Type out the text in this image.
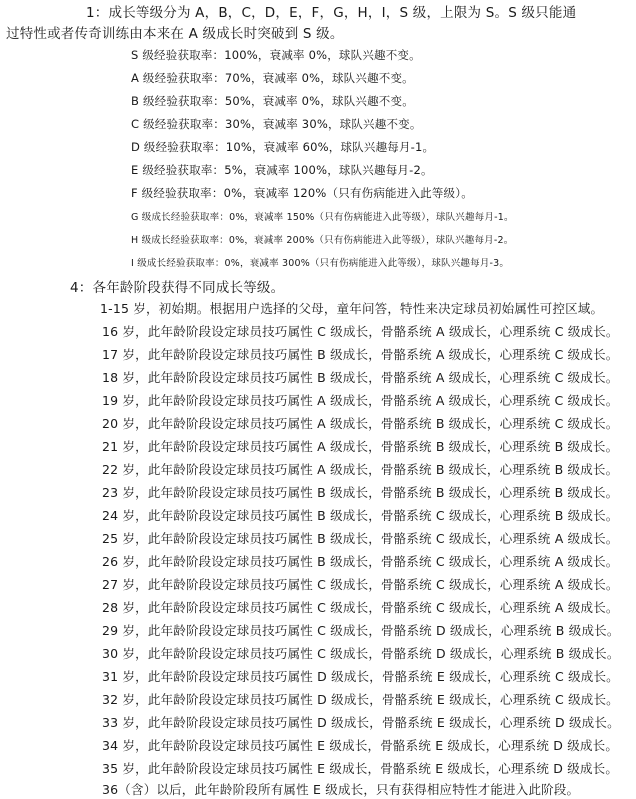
1：成长等级分为 A，B，C，D，E，F，G，H，I，S 级，上限为 S。S 级只能通
过特性或者传奇训练由本来在 A 级成长时突破到 S 级。
S 级经验获取率：100%，衰减率 0%，球队兴趣不变。
A 级经验获取率：70%，衰减率 0%，球队兴趣不变。
B 级经验获取率：50%，衰减率 0%，球队兴趣不变。
C 级经验获取率：30%，衰减率 30%，球队兴趣不变。
D 级经验获取率：10%，衰减率 60%，球队兴趣每月-1。
E 级经验获取率：5%，衰减率 100%，球队兴趣每月-2。
F 级经验获取率：0%，衰减率 120%（只有伤病能进入此等级）。
G 级成长经验获取率：0%，衰减率 150%（只有伤病能进入此等级），球队兴趣每月-1。
H 级成长经验获取率：0%，衰减率 200%（只有伤病能进入此等级），球队兴趣每月-2。
I 级成长经验获取率：0%，衰减率 300%（只有伤病能进入此等级），球队兴趣每月-3。
4：各年龄阶段获得不同成长等级。
1-15 岁，初始期。根据用户选择的父母，童年问答，特性来决定球员初始属性可控区域。
16 岁，此年龄阶段设定球员技巧属性 C 级成长，骨骼系统 A 级成长，心理系统 C 级成长。
17 岁，此年龄阶段设定球员技巧属性 B 级成长，骨骼系统 A 级成长，心理系统 C 级成长。
18 岁，此年龄阶段设定球员技巧属性 B 级成长，骨骼系统 A 级成长，心理系统 C 级成长。
19 岁，此年龄阶段设定球员技巧属性 A 级成长，骨骼系统 A 级成长，心理系统 C 级成长。
20 岁，此年龄阶段设定球员技巧属性 A 级成长，骨骼系统 B 级成长，心理系统 C 级成长。
21 岁，此年龄阶段设定球员技巧属性 A 级成长，骨骼系统 B 级成长，心理系统 B 级成长。
22 岁，此年龄阶段设定球员技巧属性 A 级成长，骨骼系统 B 级成长，心理系统 B 级成长。
23 岁，此年龄阶段设定球员技巧属性 B 级成长，骨骼系统 B 级成长，心理系统 B 级成长。
24 岁，此年龄阶段设定球员技巧属性 B 级成长，骨骼系统 C 级成长，心理系统 B 级成长。
25 岁，此年龄阶段设定球员技巧属性 B 级成长，骨骼系统 C 级成长，心理系统 A 级成长。
26 岁，此年龄阶段设定球员技巧属性 B 级成长，骨骼系统 C 级成长，心理系统 A 级成长。
27 岁，此年龄阶段设定球员技巧属性 C 级成长，骨骼系统 C 级成长，心理系统 A 级成长。
28 岁，此年龄阶段设定球员技巧属性 C 级成长，骨骼系统 C 级成长，心理系统 A 级成长。
29 岁，此年龄阶段设定球员技巧属性 C 级成长，骨骼系统 D 级成长，心理系统 B 级成长。
30 岁，此年龄阶段设定球员技巧属性 C 级成长，骨骼系统 D 级成长，心理系统 B 级成长。
31 岁，此年龄阶段设定球员技巧属性 D 级成长，骨骼系统 E 级成长，心理系统 C 级成长。
32 岁，此年龄阶段设定球员技巧属性 D 级成长，骨骼系统 E 级成长，心理系统 C 级成长。
33 岁，此年龄阶段设定球员技巧属性 D 级成长，骨骼系统 E 级成长，心理系统 D 级成长。
34 岁，此年龄阶段设定球员技巧属性 E 级成长，骨骼系统 E 级成长，心理系统 D 级成长。
35 岁，此年龄阶段设定球员技巧属性 E 级成长，骨骼系统 E 级成长，心理系统 D 级成长。
36（含）以后，此年龄阶段所有属性 E 级成长，只有获得相应特性才能进入此阶段。
